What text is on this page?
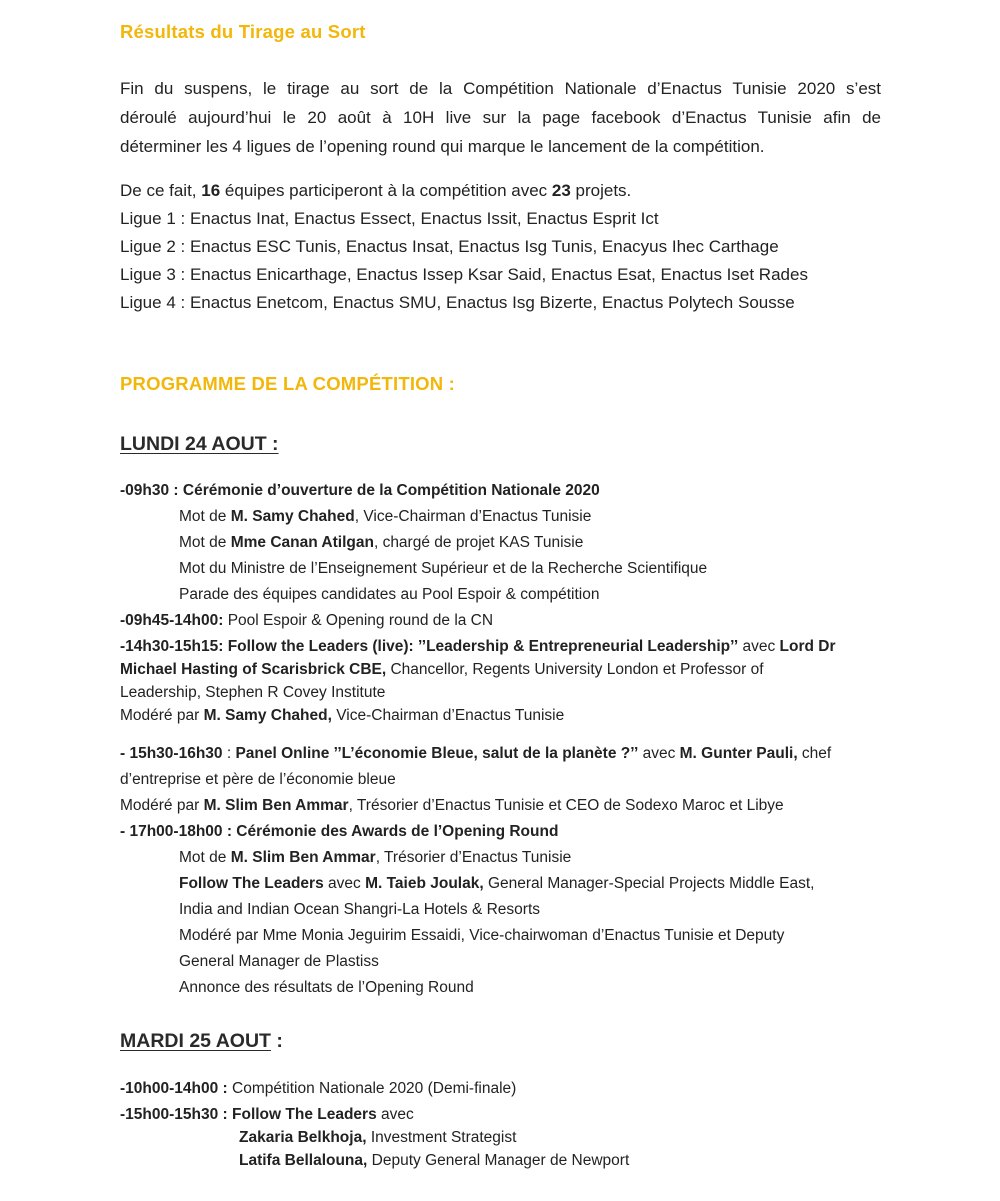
Résultats du Tirage au Sort
Fin du suspens, le tirage au sort de la Compétition Nationale d’Enactus Tunisie 2020 s’est
déroulé aujourd’hui le 20 août à 10H live sur la page facebook d’Enactus Tunisie afin de
déterminer les 4 ligues de l’opening round qui marque le lancement de la compétition.
De ce fait, 16 équipes participeront à la compétition avec 23 projets.
Ligue 1 : Enactus Inat, Enactus Essect, Enactus Issit, Enactus Esprit Ict
Ligue 2 : Enactus ESC Tunis, Enactus Insat, Enactus Isg Tunis, Enacyus Ihec Carthage
Ligue 3 : Enactus Enicarthage, Enactus Issep Ksar Said, Enactus Esat, Enactus Iset Rades
Ligue 4 : Enactus Enetcom, Enactus SMU, Enactus Isg Bizerte, Enactus Polytech Sousse
PROGRAMME DE LA COMPÉTITION :
LUNDI 24 AOUT :
-09h30 : Cérémonie d’ouverture de la Compétition Nationale 2020
Mot de M. Samy Chahed, Vice-Chairman d’Enactus Tunisie
Mot de Mme Canan Atilgan, chargé de projet KAS Tunisie
Mot du Ministre de l’Enseignement Supérieur et de la Recherche Scientifique
Parade des équipes candidates au Pool Espoir & compétition
-09h45-14h00: Pool Espoir & Opening round de la CN
-14h30-15h15: Follow the Leaders (live): ’’Leadership & Entrepreneurial Leadership’’ avec Lord Dr
Michael Hasting of Scarisbrick CBE, Chancellor, Regents University London et Professor of
Leadership, Stephen R Covey Institute
Modéré par M. Samy Chahed, Vice-Chairman d’Enactus Tunisie
- 15h30-16h30 : Panel Online ’’L’économie Bleue, salut de la planète ?’’ avec M. Gunter Pauli, chef
d’entreprise et père de l’économie bleue
Modéré par M. Slim Ben Ammar, Trésorier d’Enactus Tunisie et CEO de Sodexo Maroc et Libye
- 17h00-18h00 : Cérémonie des Awards de l’Opening Round
Mot de M. Slim Ben Ammar, Trésorier d’Enactus Tunisie
Follow The Leaders avec M. Taieb Joulak, General Manager-Special Projects Middle East,
India and Indian Ocean Shangri-La Hotels & Resorts
Modéré par Mme Monia Jeguirim Essaidi, Vice-chairwoman d’Enactus Tunisie et Deputy
General Manager de Plastiss
Annonce des résultats de l’Opening Round
MARDI 25 AOUT :
-10h00-14h00 : Compétition Nationale 2020 (Demi-finale)
-15h00-15h30 : Follow The Leaders avec
Zakaria Belkhoja, Investment Strategist
Latifa Bellalouna, Deputy General Manager de Newport
